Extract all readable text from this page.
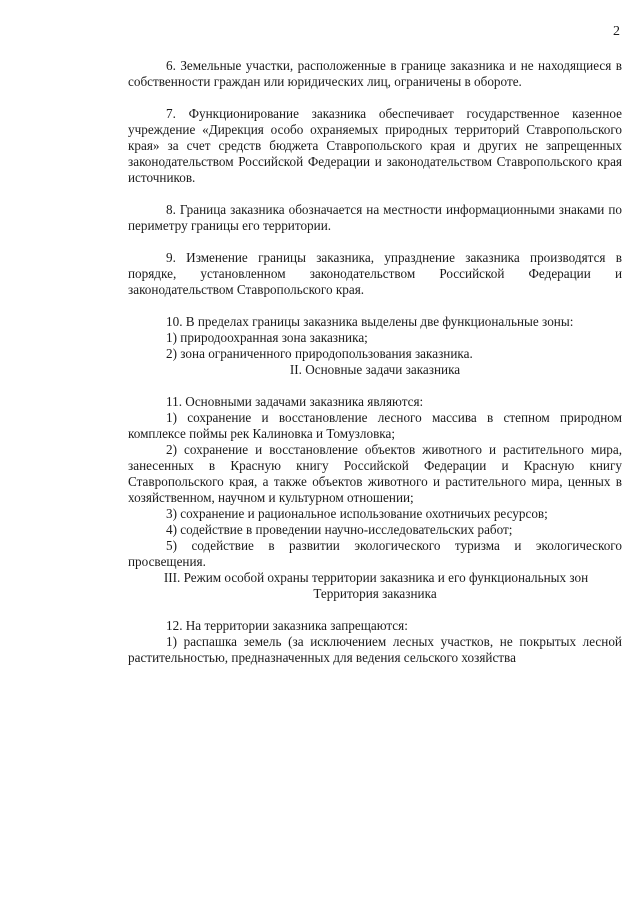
2

6. Земельные участки, расположенные в границе заказника и не находящиеся в собственности граждан или юридических лиц, ограничены в обороте.

7. Функционирование заказника обеспечивает государственное казенное учреждение «Дирекция особо охраняемых природных территорий Ставропольского края» за счет средств бюджета Ставропольского края и других не запрещенных законодательством Российской Федерации и законодательством Ставропольского края источников.

8. Граница заказника обозначается на местности информационными знаками по периметру границы его территории.

9. Изменение границы заказника, упразднение заказника производятся в порядке, установленном законодательством Российской Федерации и законодательством Ставропольского края.

10. В пределах границы заказника выделены две функциональные зоны:

1) природоохранная зона заказника;

2) зона ограниченного природопользования заказника.

II. Основные задачи заказника

11. Основными задачами заказника являются:

1) сохранение и восстановление лесного массива в степном природном комплексе поймы рек Калиновка и Томузловка;

2) сохранение и восстановление объектов животного и растительного мира, занесенных в Красную книгу Российской Федерации и Красную книгу Ставропольского края, а также объектов животного и растительного мира, ценных в хозяйственном, научном и культурном отношении;

3) сохранение и рациональное использование охотничьих ресурсов;

4) содействие в проведении научно-исследовательских работ;

5) содействие в развитии экологического туризма и экологического просвещения.

III. Режим особой охраны территории заказника и его функциональных зон

Территория заказника

12. На территории заказника запрещаются:

1) распашка земель (за исключением лесных участков, не покрытых лесной растительностью, предназначенных для ведения сельского хозяйства
